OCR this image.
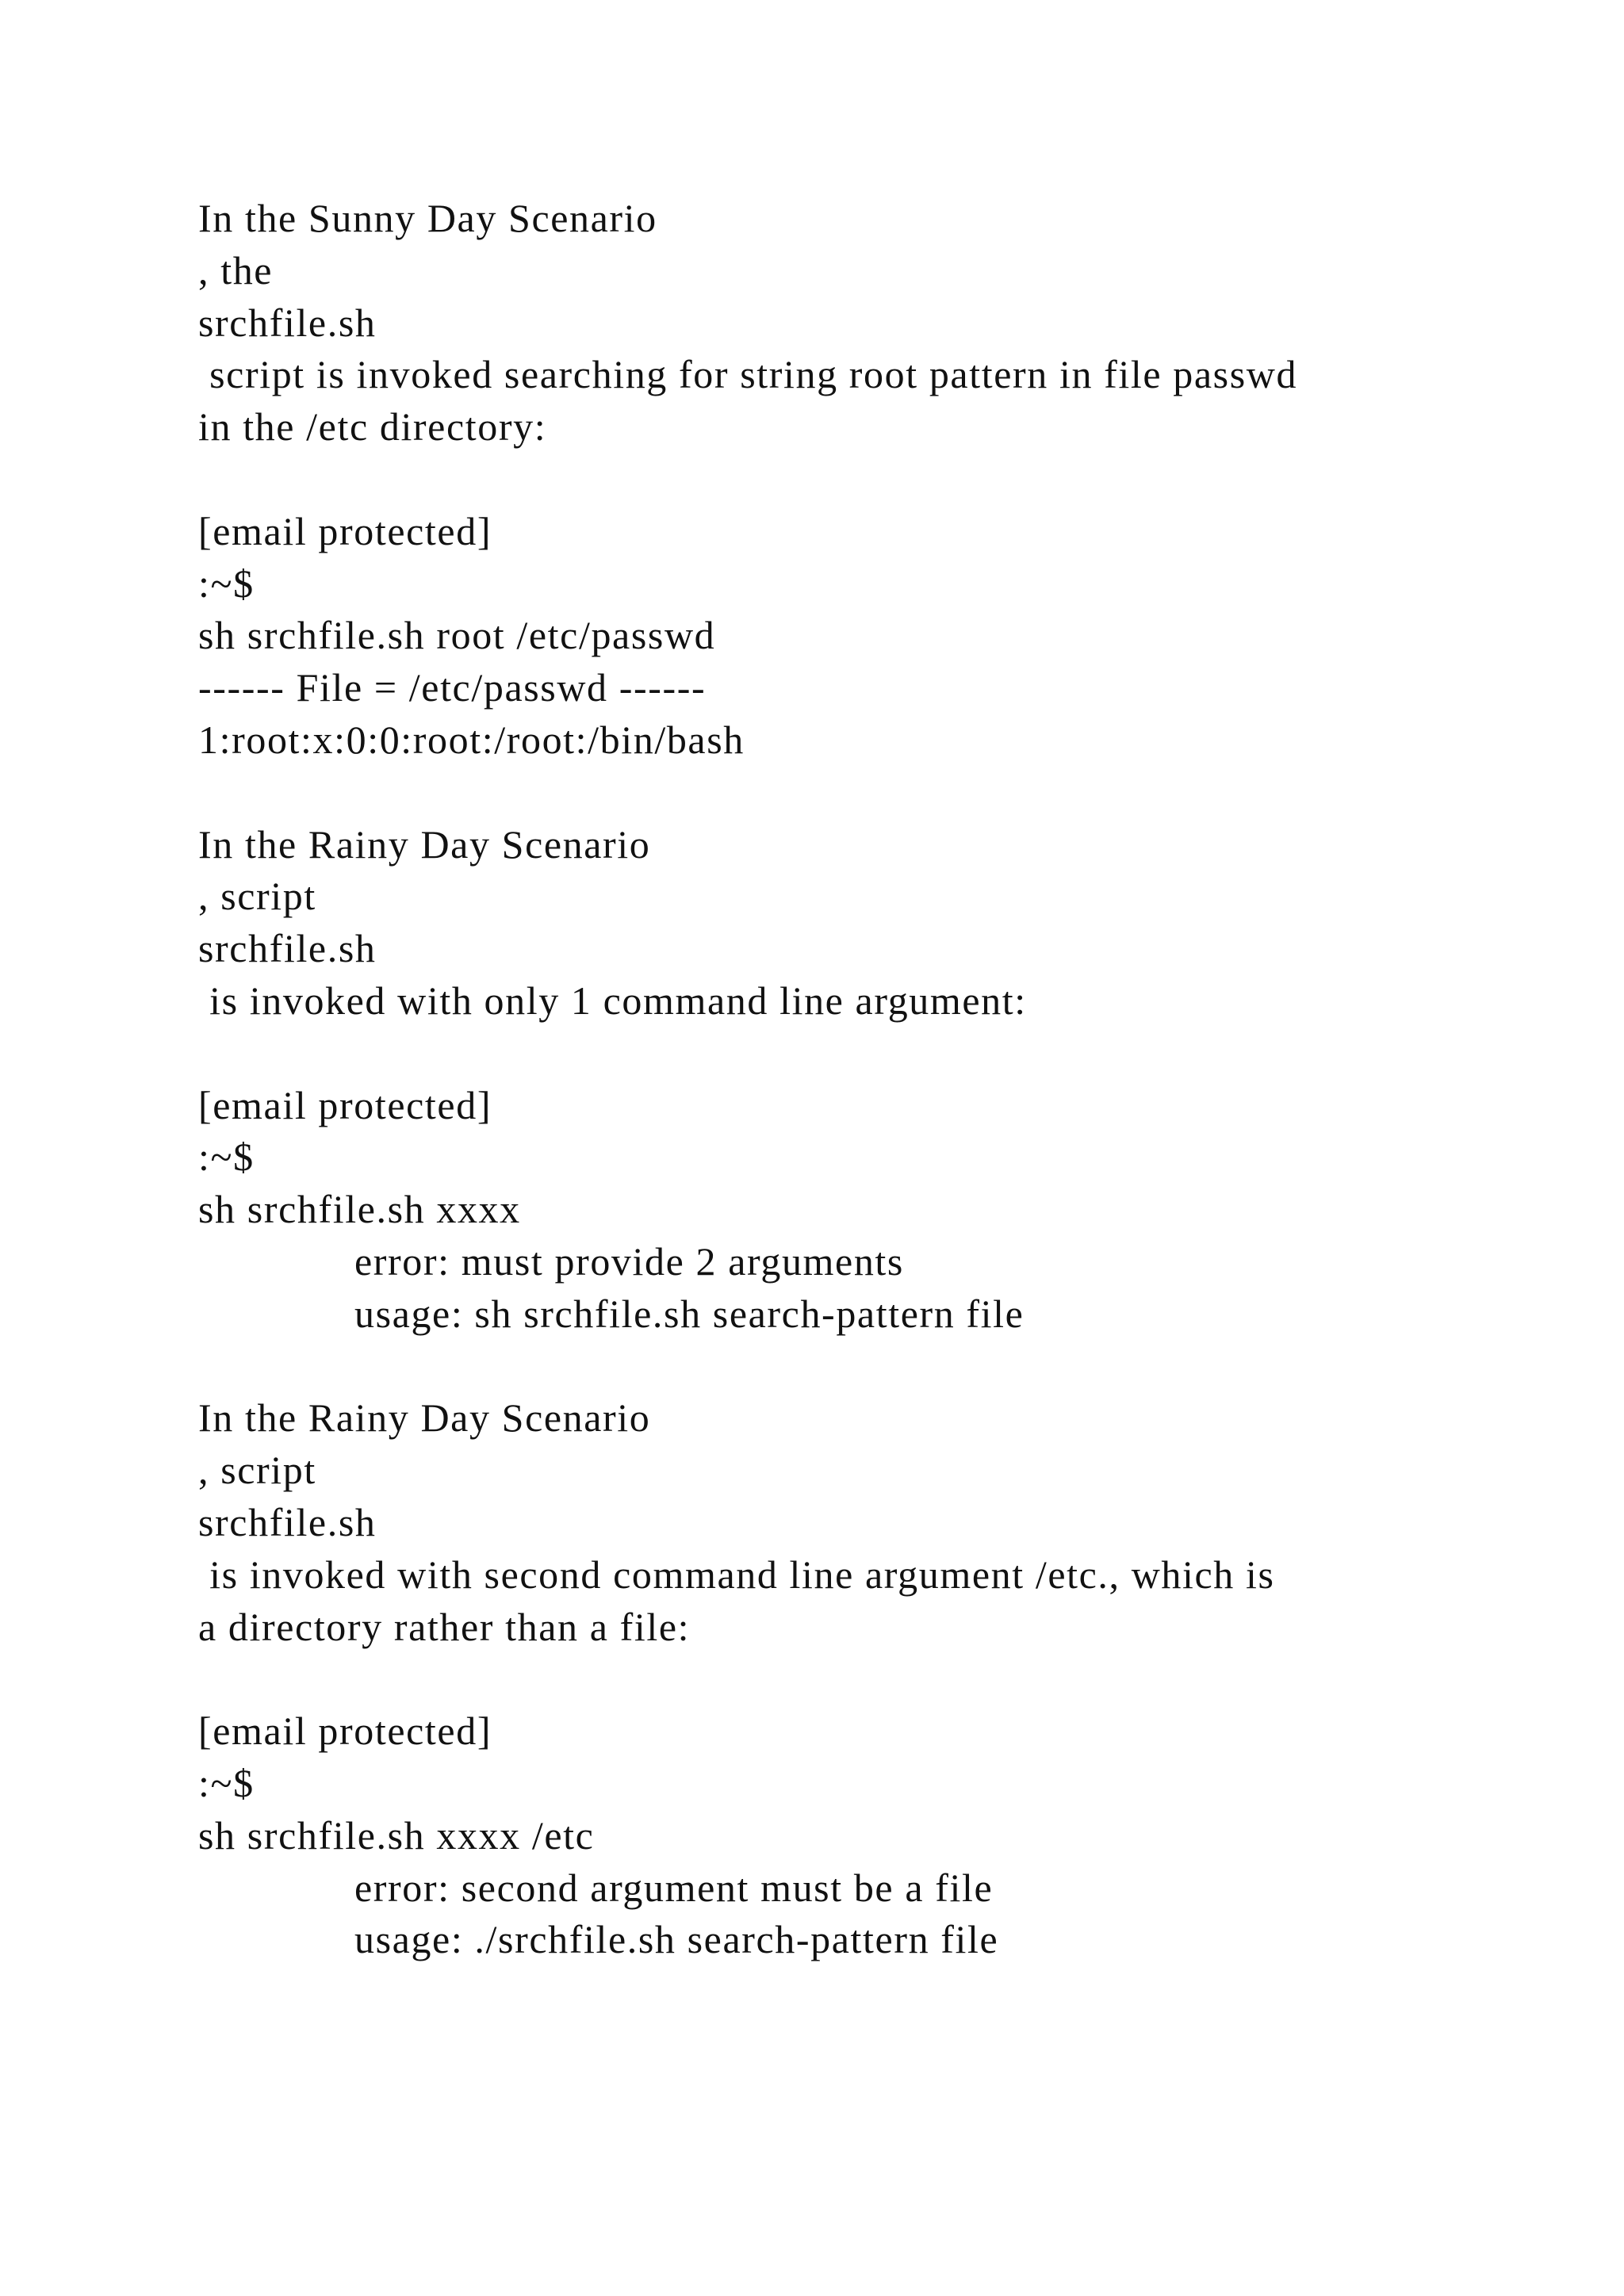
In the Sunny Day Scenario
, the
srchfile.sh
script is invoked searching for string root pattern in file passwd
in the /etc directory:
[email protected]
:~$
sh srchfile.sh root /etc/passwd
------ File = /etc/passwd ------
1:root:x:0:0:root:/root:/bin/bash
In the Rainy Day Scenario
, script
srchfile.sh
is invoked with only 1 command line argument:
[email protected]
:~$
sh srchfile.sh xxxx
error: must provide 2 arguments
usage: sh srchfile.sh search-pattern file
In the Rainy Day Scenario
, script
srchfile.sh
is invoked with second command line argument /etc., which is
a directory rather than a file:
[email protected]
:~$
sh srchfile.sh xxxx /etc
error: second argument must be a file
usage: ./srchfile.sh search-pattern file
